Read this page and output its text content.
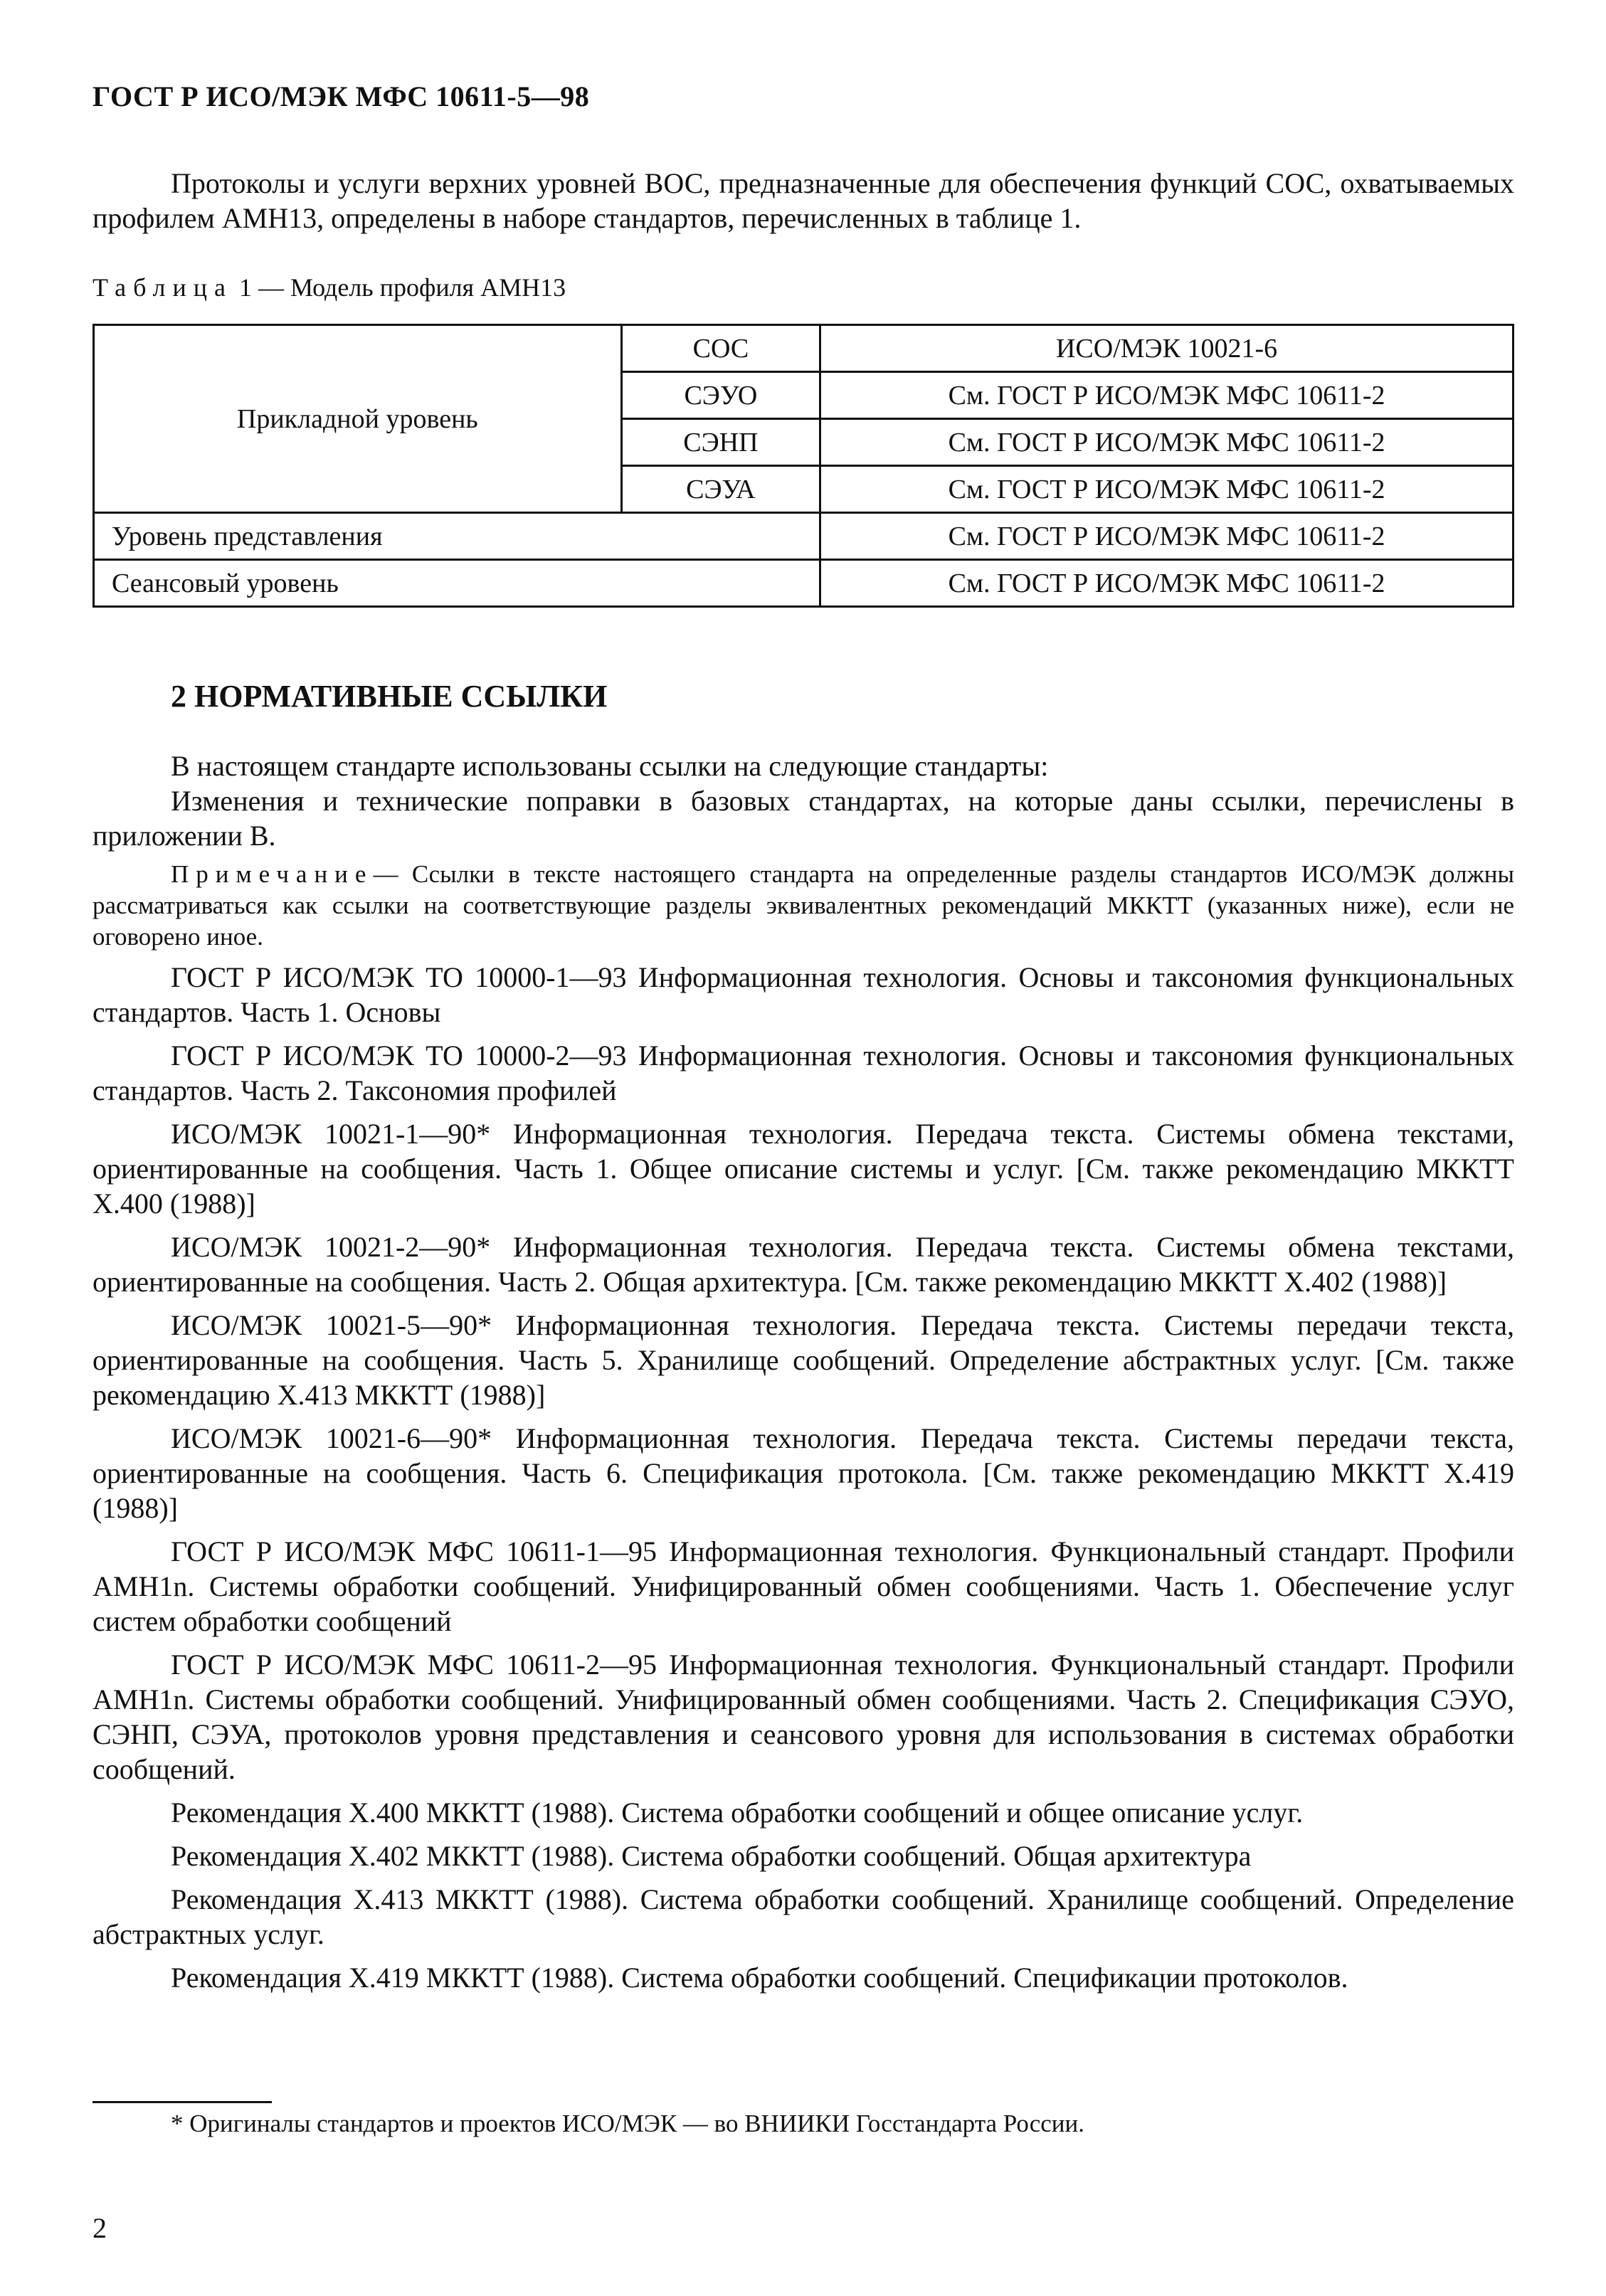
ГОСТ Р ИСО/МЭК МФС 10611-5—98

Протоколы и услуги верхних уровней ВОС, предназначенные для обеспечения функций СОС, охватываемых профилем АМН13, определены в наборе стандартов, перечисленных в таблице 1.

Таблица 1 — Модель профиля АМН13
Прикладной уровень	СОС	ИСО/МЭК 10021-6
	СЭУО	См. ГОСТ Р ИСО/МЭК МФС 10611-2
	СЭНП	См. ГОСТ Р ИСО/МЭК МФС 10611-2
	СЭУА	См. ГОСТ Р ИСО/МЭК МФС 10611-2
Уровень представления		См. ГОСТ Р ИСО/МЭК МФС 10611-2
Сеансовый уровень		См. ГОСТ Р ИСО/МЭК МФС 10611-2
2 НОРМАТИВНЫЕ ССЫЛКИ

В настоящем стандарте использованы ссылки на следующие стандарты:

Изменения и технические поправки в базовых стандартах, на которые даны ссылки, перечислены в приложении В.

Примечание— Ссылки в тексте настоящего стандарта на определенные разделы стандартов ИСО/МЭК должны рассматриваться как ссылки на соответствующие разделы эквивалентных рекомендаций МККТТ (указанных ниже), если не оговорено иное.

ГОСТ Р ИСО/МЭК ТО 10000-1—93 Информационная технология. Основы и таксономия функциональных стандартов. Часть 1. Основы

ГОСТ Р ИСО/МЭК ТО 10000-2—93 Информационная технология. Основы и таксономия функциональных стандартов. Часть 2. Таксономия профилей

ИСО/МЭК 10021-1—90* Информационная технология. Передача текста. Системы обмена текстами, ориентированные на сообщения. Часть 1. Общее описание системы и услуг. [См. также рекомендацию МККТТ Х.400 (1988)]

ИСО/МЭК 10021-2—90* Информационная технология. Передача текста. Системы обмена текстами, ориентированные на сообщения. Часть 2. Общая архитектура. [См. также рекомендацию МККТТ Х.402 (1988)]

ИСО/МЭК 10021-5—90* Информационная технология. Передача текста. Системы передачи текста, ориентированные на сообщения. Часть 5. Хранилище сообщений. Определение абстрактных услуг. [См. также рекомендацию Х.413 МККТТ (1988)]

ИСО/МЭК 10021-6—90* Информационная технология. Передача текста. Системы передачи текста, ориентированные на сообщения. Часть 6. Спецификация протокола. [См. также рекомендацию МККТТ Х.419 (1988)]

ГОСТ Р ИСО/МЭК МФС 10611-1—95 Информационная технология. Функциональный стандарт. Профили АМН1n. Системы обработки сообщений. Унифицированный обмен сообщениями. Часть 1. Обеспечение услуг систем обработки сообщений

ГОСТ Р ИСО/МЭК МФС 10611-2—95 Информационная технология. Функциональный стандарт. Профили АМН1n. Системы обработки сообщений. Унифицированный обмен сообщениями. Часть 2. Спецификация СЭУО, СЭНП, СЭУА, протоколов уровня представления и сеансового уровня для использования в системах обработки сообщений.

Рекомендация Х.400 МККТТ (1988). Система обработки сообщений и общее описание услуг.

Рекомендация Х.402 МККТТ (1988). Система обработки сообщений. Общая архитектура

Рекомендация Х.413 МККТТ (1988). Система обработки сообщений. Хранилище сообщений. Определение абстрактных услуг.

Рекомендация Х.419 МККТТ (1988). Система обработки сообщений. Спецификации протоколов.

* Оригиналы стандартов и проектов ИСО/МЭК — во ВНИИКИ Госстандарта России.
2
